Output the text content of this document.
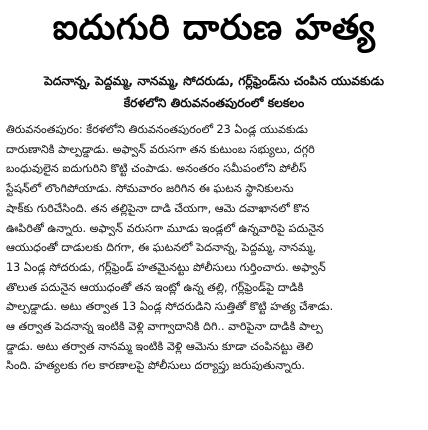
ఐదుగురి దారుణ హత్య
పెదనాన్న, పెద్దమ్మ, నానమ్మ, సోదరుడు, గర్ల్‌ఫ్రెండ్‌ను చంపిన యువకుడు
కేరళలోని తిరువనంతపురంలో కలకలం
తిరువనంతపురం: కేరళలోని తిరువనంతపురంలో 23 ఏండ్ల యువకుడు
దారుణానికి పాల్పడ్డాడు. అఫ్వాన్ వరుసగా తన కుటుంబ సభ్యులు, దగ్గరి
బంధువులైన ఐదుగురిని కొట్టి చంపాడు. అనంతరం సమీపంలోని పోలీస్
స్టేషన్‌లో లొంగిపోయాడు. సోమవారం జరిగిన ఈ ఘటన స్థానికులను
షాక్‌కు గురిచేసింది. తన తల్లిపైనా దాడి చేయగా, ఆమె దవాఖానలో కొన
ఊపిరితో ఉన్నారు. అఫ్వాన్ వరుసగా మూడు ఇండ్లలో ఉన్నవారిపై పదునైన
ఆయుధంతో దాడులకు దిగగా, ఈ ఘటనలో పెదనాన్న, పెద్దమ్మ, నానమ్మ,
13 ఏండ్ల సోదరుడు, గర్ల్‌ఫ్రెండ్ హతమైనట్టు పోలీసులు గుర్తించారు. అఫ్వాన్
తొలుత పదునైన ఆయుధంతో తన ఇంట్లో ఉన్న తల్లి, గర్ల్‌ఫ్రెండ్‌పై దాడికి
పాల్పడ్డాడు. అటు తర్వాత 13 ఏండ్ల సోదరుడిని సుత్తితో కొట్టి హత్య చేశాడు.
ఆ తర్వాత పెదనాన్న ఇంటికి వెళ్లి వాగ్వాదానికి దిగి.. వారిపైనా దాడికి పాల్ప
డ్డాడు. అటు తర్వాత నానమ్మ ఇంటికి వెళ్లి ఆమెను కూడా చంపినట్టు తెలి
సింది. హత్యలకు గల కారణాలపై పోలీసులు దర్యాప్తు జరుపుతున్నారు.
